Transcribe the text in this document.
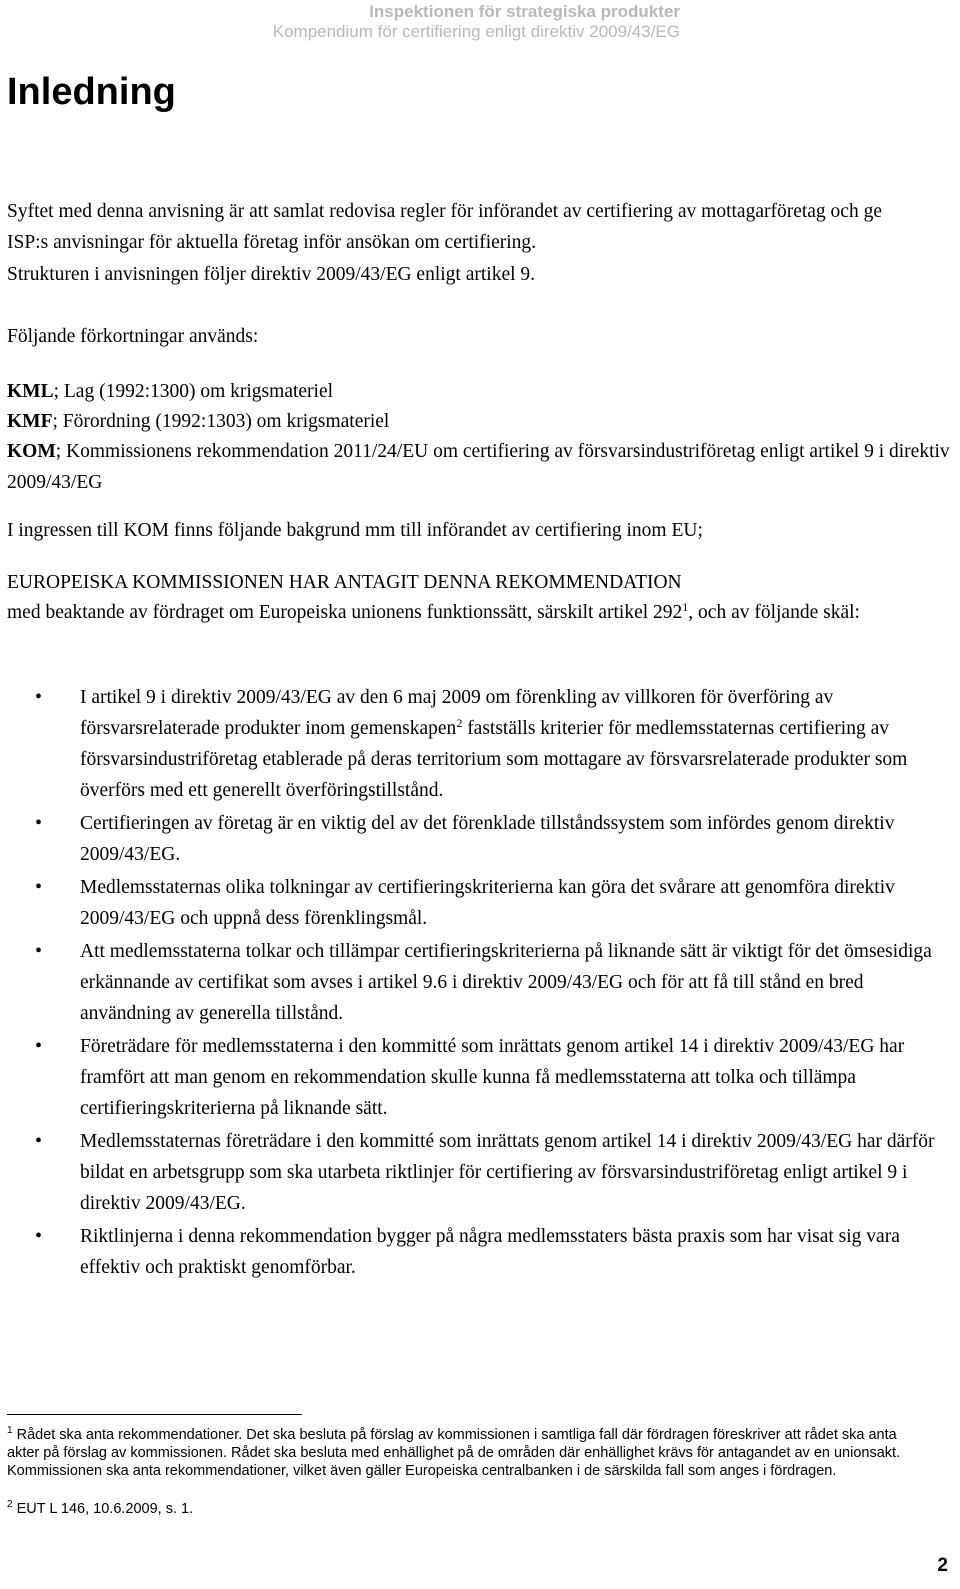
Inspektionen för strategiska produkter
Kompendium för certifiering enligt direktiv 2009/43/EG
Inledning

Syftet med denna anvisning är att samlat redovisa regler för införandet av certifiering av mottagarföretag och ge ISP:s anvisningar för aktuella företag inför ansökan om certifiering.

Strukturen i anvisningen följer direktiv 2009/43/EG enligt artikel 9.

Följande förkortningar används:

KML; Lag (1992:1300) om krigsmateriel

KMF; Förordning (1992:1303) om krigsmateriel

KOM; Kommissionens rekommendation 2011/24/EU om certifiering av försvarsindustriföretag enligt artikel 9 i direktiv 2009/43/EG

I ingressen till KOM finns följande bakgrund mm till införandet av certifiering inom EU;

EUROPEISKA KOMMISSIONEN HAR ANTAGIT DENNA REKOMMENDATION

med beaktande av fördraget om Europeiska unionens funktionssätt, särskilt artikel $292^1$, och av följande skäl:

• I artikel 9 i direktiv 2009/43/EG av den 6 maj 2009 om förenkling av villkoren för överföring av försvarsrelaterade produkter inom gemenskapen$^2$ fastställs kriterier för medlemsstaternas certifiering av försvarsindustriföretag etablerade på deras territorium som mottagare av försvarsrelaterade produkter som överförs med ett generellt överföringstillstånd.
• Certifieringen av företag är en viktig del av det förenklade tillståndssystem som infördes genom direktiv 2009/43/EG.
• Medlemsstaternas olika tolkningar av certifieringskriterierna kan göra det svårare att genomföra direktiv 2009/43/EG och uppnå dess förenklingsmål.
• Att medlemsstaterna tolkar och tillämpar certifieringskriterierna på liknande sätt är viktigt för det ömsesidiga erkännande av certifikat som avses i artikel 9.6 i direktiv 2009/43/EG och för att få till stånd en bred användning av generella tillstånd.
• Företrädare för medlemsstaterna i den kommitté som inrättats genom artikel 14 i direktiv 2009/43/EG har framfört att man genom en rekommendation skulle kunna få medlemsstaterna att tolka och tillämpa certifieringskriterierna på liknande sätt.
• Medlemsstaternas företrädare i den kommitté som inrättats genom artikel 14 i direktiv 2009/43/EG har därför bildat en arbetsgrupp som ska utarbeta riktlinjer för certifiering av försvarsindustriföretag enligt artikel 9 i direktiv 2009/43/EG.
• Riktlinjerna i denna rekommendation bygger på några medlemsstaters bästa praxis som har visat sig vara effektiv och praktiskt genomförbar.

$^1$ Rådet ska anta rekommendationer. Det ska besluta på förslag av kommissionen i samtliga fall där fördragen föreskriver att rådet ska anta akter på förslag av kommissionen. Rådet ska besluta med enhällighet på de områden där enhällighet krävs för antagandet av en unionsakt. Kommissionen ska anta rekommendationer, vilket även gäller Europeiska centralbanken i de särskilda fall som anges i fördragen.

$^2$ EUT L 146, 10.6.2009, s. 1.

2
